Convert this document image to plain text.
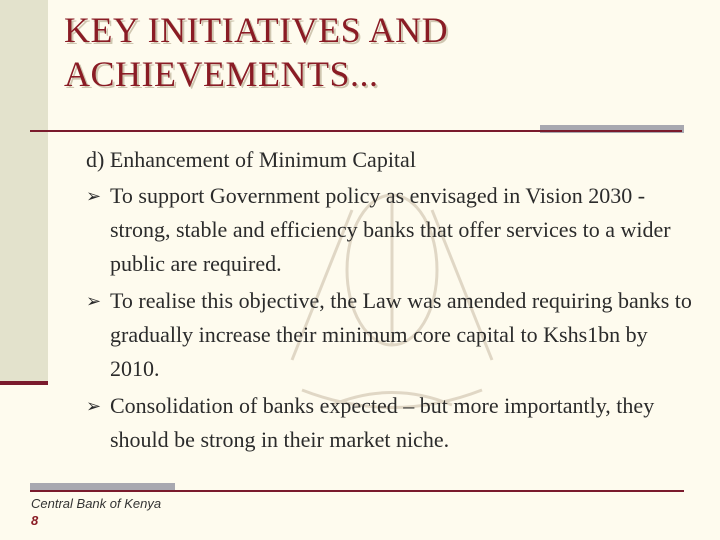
KEY INITIATIVES AND
ACHIEVEMENTS...

d) Enhancement of Minimum Capital

➢ To support Government policy as envisaged in Vision 2030 - strong, stable and efficiency banks that offer services to a wider public are required.
➢ To realise this objective, the Law was amended requiring banks to gradually increase their minimum core capital to Kshs1bn by 2010.
➢ Consolidation of banks expected – but more importantly, they should be strong in their market niche.
Central Bank of Kenya
8
